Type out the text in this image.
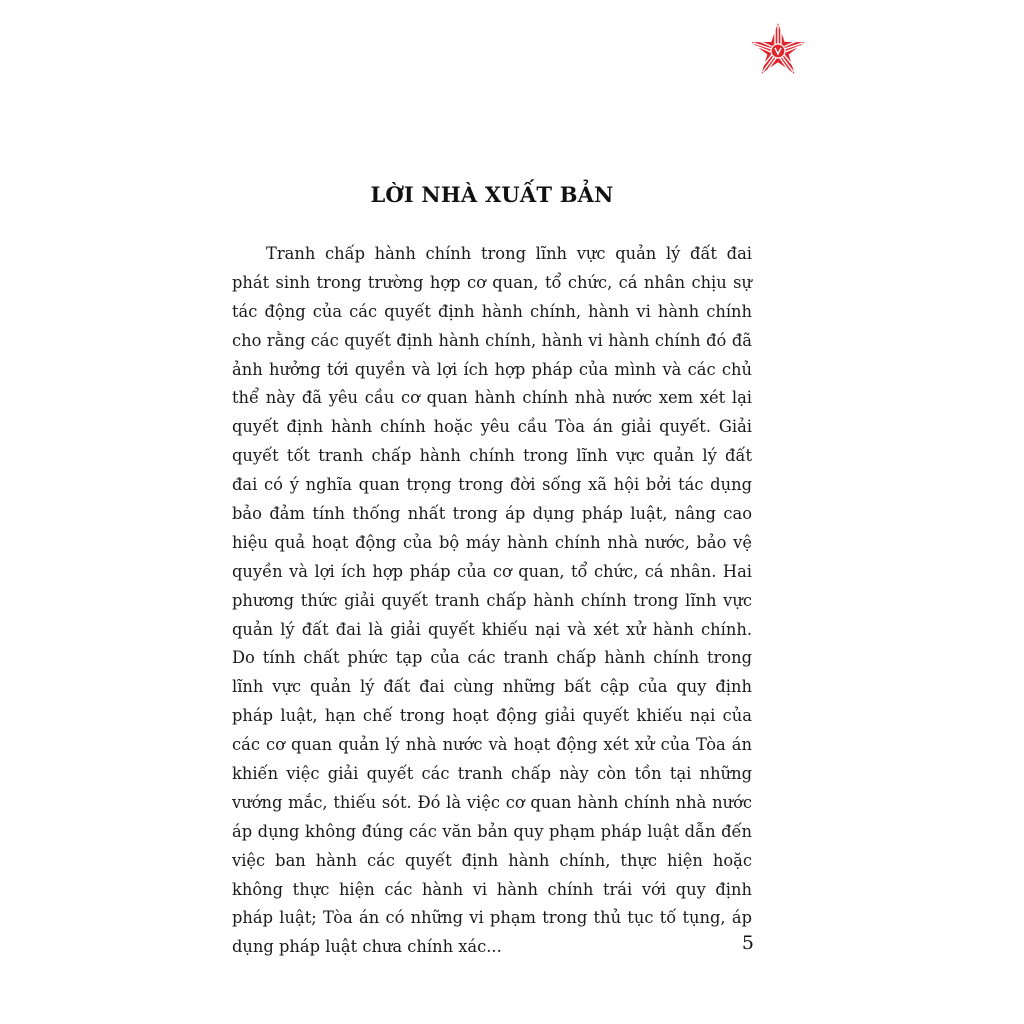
LỜI NHÀ XUẤT BẢN
Tranh chấp hành chính trong lĩnh vực quản lý đất đai
phát sinh trong trường hợp cơ quan, tổ chức, cá nhân chịu sự
tác động của các quyết định hành chính, hành vi hành chính
cho rằng các quyết định hành chính, hành vi hành chính đó đã
ảnh hưởng tới quyền và lợi ích hợp pháp của mình và các chủ
thể này đã yêu cầu cơ quan hành chính nhà nước xem xét lại
quyết định hành chính hoặc yêu cầu Tòa án giải quyết. Giải
quyết tốt tranh chấp hành chính trong lĩnh vực quản lý đất
đai có ý nghĩa quan trọng trong đời sống xã hội bởi tác dụng
bảo đảm tính thống nhất trong áp dụng pháp luật, nâng cao
hiệu quả hoạt động của bộ máy hành chính nhà nước, bảo vệ
quyền và lợi ích hợp pháp của cơ quan, tổ chức, cá nhân. Hai
phương thức giải quyết tranh chấp hành chính trong lĩnh vực
quản lý đất đai là giải quyết khiếu nại và xét xử hành chính.
Do tính chất phức tạp của các tranh chấp hành chính trong
lĩnh vực quản lý đất đai cùng những bất cập của quy định
pháp luật, hạn chế trong hoạt động giải quyết khiếu nại của
các cơ quan quản lý nhà nước và hoạt động xét xử của Tòa án
khiến việc giải quyết các tranh chấp này còn tồn tại những
vướng mắc, thiếu sót. Đó là việc cơ quan hành chính nhà nước
áp dụng không đúng các văn bản quy phạm pháp luật dẫn đến
việc ban hành các quyết định hành chính, thực hiện hoặc
không thực hiện các hành vi hành chính trái với quy định
pháp luật; Tòa án có những vi phạm trong thủ tục tố tụng, áp
dụng pháp luật chưa chính xác...	5
